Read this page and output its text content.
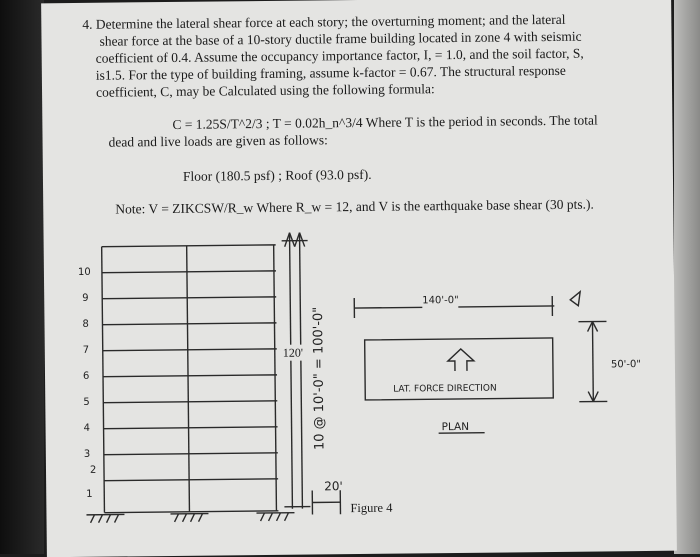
4. Determine the lateral shear force at each story; the overturning moment; and the lateral
shear force at the base of a 10-story ductile frame building located in zone 4 with seismic
coefficient of 0.4. Assume the occupancy importance factor, I, = 1.0, and the soil factor, S,
is1.5. For the type of building framing, assume k-factor = 0.67. The structural response
coefficient, C, may be Calculated using the following formula:
C = 1.25S/T^2/3 ; T = 0.02h_n^3/4 Where T is the period in seconds. The total
dead and live loads are given as follows:
Floor (180.5 psf) ; Roof (93.0 psf).
Note: V = ZIKCSW/R_w Where R_w = 12, and V is the earthquake base shear (30 pts.).
10
9
8
7
6
5
4
3
2
1
120' 10 @ 10'-0" = 100'-0"
20'
Figure 4
140'-0"
50'-0"
LAT. FORCE DIRECTION
PLAN
